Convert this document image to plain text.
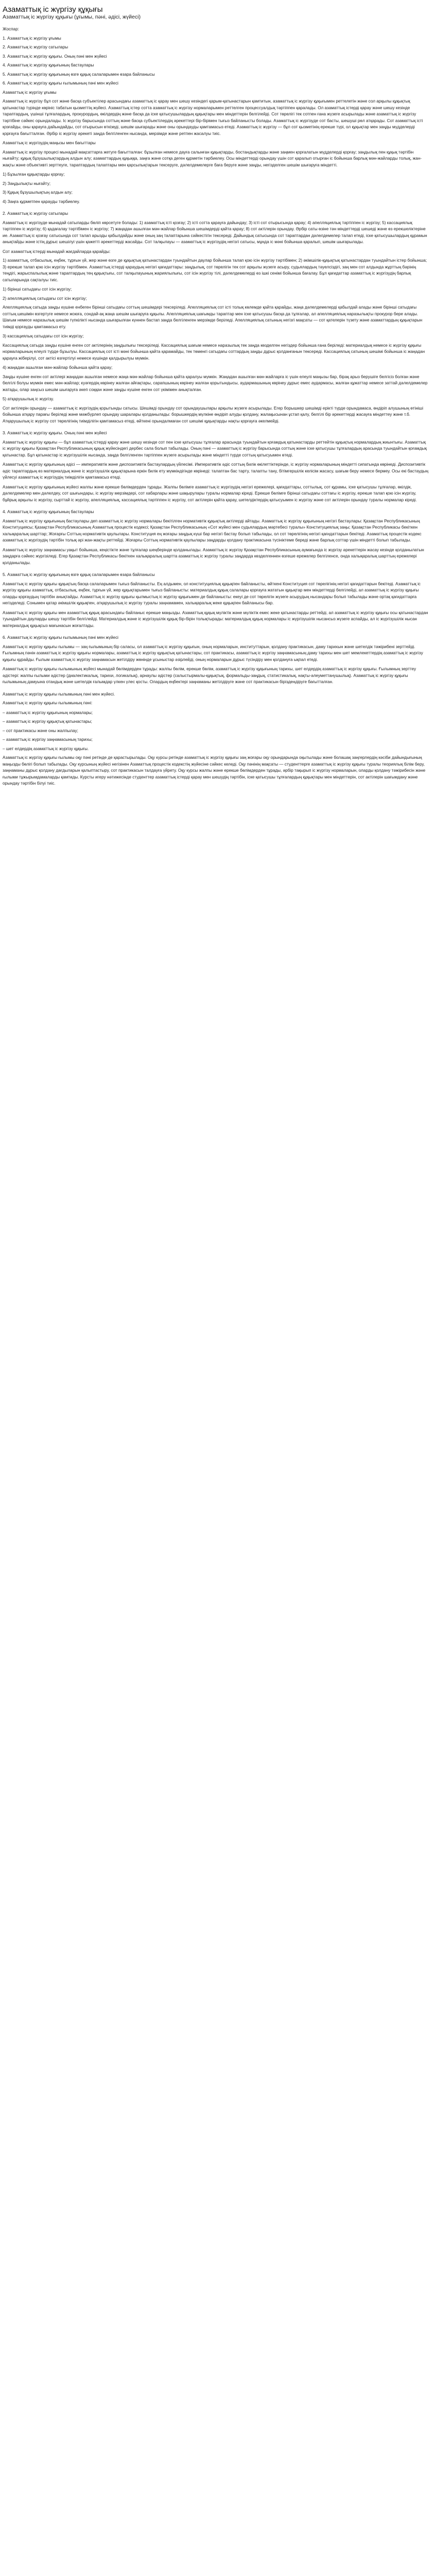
Азаматтық іс жүргізу құқығы
Азаматтық іс жүргізу құқығы (ұғымы, пәні, әдісі, жүйесі)

Жоспар:

1. Азаматтық іс жүргізу ұғымы

2. Азаматтық іс жүргізу сатылары

3. Азаматтық іс жүргізу құқығы. Оның пәні мен жүйесі

4. Азаматтық іс жүргізу құқығының бастаулары

5. Азаматтық іс жүргізу құқығының өзге құқық салаларымен өзара байланысы

6. Азаматтық іс жүргізу құқығы ғылымының пәні мен жүйесі

Азаматтық іс жүргізу ұғымы

Азаматтық іс жүргізу бұл сот және басқа субъектілер арасындағы азаматтық іс қарау мен шешу кезіндегі қарым-қатынастарын қамтитын, азаматтық іс жүргізу құқығымен реттелетін және сол арқылы құқықтық қатынастар түрінде көрініс табатын қызметтің жүйесі. Азаматтық істер сотта азаматтық іс жүргізу нормаларымен реттелген процессуалдық тәртіппен қаралады. Ол азаматтық істерді қарау және шешу кезінде тараптардың, үшінші тұлғалардың, прокурордың, өкілдердің және басқа да іске қатысушылардың құқықтары мен міндеттерін белгілейді. Сот төрелігі тек сотпен ғана жүзеге асырылады және азаматтық іс жүргізу тәртібіне сәйкес орындалады. Іс жүргізу барысында соттың және басқа субъектілердің әрекеттері бір-бірімен тығыз байланысты болады. Азаматтық іс жүргізуде сот басты, шешуші рөл атқарады. Сот азаматтық істі қозғайды, оны қарауға дайындайды, сот отырысын өткізеді, шешім шығарады және оны орындауды қамтамасыз етеді. Азаматтық іс жүргізу — бұл сот қызметінің ерекше түрі, ол құқықтар мен заңды мүдделерді қорғауға бағытталған. Әрбір іс жүргізу әрекеті заңда белгіленген нысанда, мерзімде және ретпен жасалуы тиіс.

Азаматтық іс жүргізудің маңызы мен бағыттары

Азаматтық іс жүргізу процесі мынадай мақсаттарға жетуге бағытталған: бұзылған немесе дауға салынған құқықтарды, бостандықтарды және заңмен қорғалатын мүдделерді қорғау; заңдылық пен құқық тәртібін нығайту; құқық бұзушылықтардың алдын алу; азаматтардың құқыққа, заңға және сотқа деген құрметін тәрбиелеу. Осы міндеттерді орындау үшін сот қаралып отырған іс бойынша барлық мән-жайларды толық, жан-жақты және объективті зерттеуге, тараптардың талаптары мен қарсылықтарын тексеруге, дәлелдемелерге баға беруге және заңды, негізделген шешім шығаруға міндетті.

1) Бұзылған құқықтарды қорғау;

2) Заңдылықты нығайту;

3) Құқық бұзушылықтың алдын алу;

4) Заңға құрметпен қарауды тәрбиелеу.

2. Азаматтық іс жүргізу сатылары

Азаматтық іс жүргізуде мынадай сатыларды бөліп көрсетуге болады: 1) азаматтық істі қозғау; 2) істі сотта қарауға дайындау; 3) істі сот отырысында қарау; 4) апелляциялық тәртіппен іс жүргізу; 5) кассациялық тәртіппен іс жүргізу; 6) қадағалау тәртібімен іс жүргізу; 7) жаңадан ашылған мән-жайлар бойынша шешімдерді қайта қарау; 8) сот актілерін орындау. Әрбір саты өзіне тән міндеттерді шешеді және өз ерекшеліктеріне ие. Азаматтық іс қозғау сатысында сот талап арызды қабылдайды және оның заң талаптарына сәйкестігін тексереді. Дайындық сатысында сот тараптардан дәлелдемелер талап етеді, іске қатысушылардың құрамын анықтайды және істің дұрыс шешілуі үшін қажетті әрекеттерді жасайды. Сот талқылауы — азаматтық іс жүргізудің негізгі сатысы, мұнда іс мәні бойынша қаралып, шешім шығарылады.

Сот азаматтық істерді мынадай жағдайларда қарайды:

1) азаматтық, отбасылық, еңбек, тұрғын үй, жер және өзге де құқықтық қатынастардан туындайтын даулар бойынша талап қою ісін жүргізу тәртібімен; 2) әкімшілік-құқықтық қатынастардан туындайтын істер бойынша; 3) ерекше талап қою ісін жүргізу тәртібімен. Азаматтық істерді қараудың негізгі қағидаттары: заңдылық, сот төрелігін тек сот арқылы жүзеге асыру, судьялардың тәуелсіздігі, заң мен сот алдында жұрттың бәрінің теңдігі, жарыспалылық және тараптардың тең құқықтығы, сот талқылауының жариялылығы, сот ісін жүргізу тілі, дәлелдемелерді өз ішкі сенімі бойынша бағалау. Бұл қағидаттар азаматтық іс жүргізудің барлық сатыларында сақталуы тиіс.

1) бірінші сатыдағы сот ісін жүргізу;

2) апелляциялық сатыдағы сот ісін жүргізу;

Апелляциялық сатыда заңды күшіне енбеген бірінші сатыдағы соттың шешімдері тексеріледі. Апелляциялық сот істі толық көлемде қайта қарайды, жаңа дәлелдемелерді қабылдай алады және бірінші сатыдағы соттың шешімін өзгертуге немесе жоюға, сондай-ақ жаңа шешім шығаруға құқылы. Апелляциялық шағымды тараптар мен іске қатысушы басқа да тұлғалар, ал апелляциялық наразылықты прокурор бере алады. Шағым немесе наразылық шешім түпкілікті нысанда шығарылған күннен бастап заңда белгіленген мерзімде беріледі. Апелляциялық сатының негізгі мақсаты — сот қателерін түзету және азаматтардың құқықтарын тиімді қорғауды қамтамасыз ету.

3) кассациялық сатыдағы сот ісін жүргізу;

Кассациялық сатыда заңды күшіне енген сот актілерінің заңдылығы тексеріледі. Кассациялық шағым немесе наразылық тек заңда көзделген негіздер бойынша ғана беріледі: материалдық немесе іс жүргізу құқығы нормаларының елеулі түрде бұзылуы. Кассациялық сот істі мәні бойынша қайта қарамайды, тек төменгі сатыдағы соттардың заңды дұрыс қолданғанын тексереді. Кассациялық сатының шешімі бойынша іс жаңадан қарауға жіберілуі, сот актісі өзгертілуі немесе күшінде қалдырылуы мүмкін.

4) жаңадан ашылған мән-жайлар бойынша қайта қарау;

Заңды күшіне енген сот актілері жаңадан ашылған немесе жаңа мән-жайлар бойынша қайта қаралуы мүмкін. Жаңадан ашылған мән-жайларға іс үшін елеулі маңызы бар, бірақ арыз берушіге белгісіз болған және белгілі болуы мүмкін емес мән-жайлар; куәгердің көрінеу жалған айғақтары, сарапшының көрінеу жалған қорытындысы, аудармашының көрінеу дұрыс емес аудармасы, жалған құжаттар немесе заттай дәлелдемелер жатады, олар заңсыз шешім шығаруға әкеп соққан және заңды күшіне енген сот үкімімен анықталған.

5) атқарушылық іс жүргізу.

Сот актілерін орындау — азаматтық іс жүргізудің қорытынды сатысы. Шешімді орындау сот орындаушылары арқылы жүзеге асырылады. Егер борышкер шешімді ерікті түрде орындамаса, өндіріп алушының өтініші бойынша атқару парағы беріледі және мәжбүрлеп орындау шаралары қолданылады: борышкердің мүлкіне өндіріп алуды қолдану, жалақысынан ұстап қалу, белгілі бір әрекеттерді жасауға міндеттеу және т.б. Атқарушылық іс жүргізу сот төрелігінің тиімділігін қамтамасыз етеді, өйткені орындалмаған сот шешімі құқықтарды нақты қорғауға әкелмейді.

3. Азаматтық іс жүргізу құқығы. Оның пәні мен жүйесі

Азаматтық іс жүргізу құқығы — бұл азаматтық істерді қарау және шешу кезінде сот пен іске қатысушы тұлғалар арасында туындайтын қоғамдық қатынастарды реттейтін құқықтық нормалардың жиынтығы. Азаматтық іс жүргізу құқығы Қазақстан Республикасының құқық жүйесіндегі дербес сала болып табылады. Оның пәні — азаматтық іс жүргізу барысында соттың және іске қатысушы тұлғалардың арасында туындайтын қоғамдық қатынастар. Бұл қатынастар іс жүргізушілік нысанда, заңда белгіленген тәртіппен жүзеге асырылады және міндетті түрде соттың қатысуымен өтеді.

Азаматтық іс жүргізу құқығының әдісі — императивтік және диспозитивтік бастаулардың үйлесімі. Императивтік әдіс соттың билік өкілеттіктерінде, іс жүргізу нормаларының міндетті сипатында көрінеді. Диспозитивтік әдіс тараптардың өз материалдық және іс жүргізушілік құқықтарына еркін билік ету мүмкіндігінде көрінеді: талаптан бас тарту, талапты тану, бітімгершілік келісім жасасу, шағым беру немесе бермеу. Осы екі бастаудың үйлесуі азаматтық іс жүргізудің тиімділігін қамтамасыз етеді.

Азаматтық іс жүргізу құқығының жүйесі жалпы және ерекше бөлімдерден тұрады. Жалпы бөлімге азаматтық іс жүргізудің негізгі ережелері, қағидаттары, соттылық, сот құрамы, іске қатысушы тұлғалар, өкілдік, дәлелдемелер мен дәлелдеу, сот шығындары, іс жүргізу мерзімдері, сот хабарлары және шақырулары туралы нормалар кіреді. Ерекше бөлімге бірінші сатыдағы соттағы іс жүргізу, ерекше талап қою ісін жүргізу, бұйрық арқылы іс жүргізу, сырттай іс жүргізу, апелляциялық, кассациялық тәртіппен іс жүргізу, сот актілерін қайта қарау, шетелдіктердің қатысуымен іс жүргізу және сот актілерін орындау туралы нормалар кіреді.

4. Азаматтық іс жүргізу құқығының бастаулары

Азаматтық іс жүргізу құқығының бастаулары деп азаматтық іс жүргізу нормалары бекітілген нормативтік құқықтық актілерді айтады. Азаматтық іс жүргізу құқығының негізгі бастаулары: Қазақстан Республикасының Конституциясы; Қазақстан Республикасының Азаматтық процестік кодексі; Қазақстан Республикасының «Сот жүйесі мен судьялардың мәртебесі туралы» Конституциялық заңы; Қазақстан Республикасы бекіткен халықаралық шарттар; Жоғарғы Соттың нормативтік қаулылары. Конституция ең жоғары заңдық күші бар негізгі бастау болып табылады, ол сот төрелігінің негізгі қағидаттарын бекітеді. Азаматтық процестік кодекс азаматтық іс жүргізудің тәртібін толық әрі жан-жақты реттейді. Жоғарғы Соттың нормативтік қаулылары заңдарды қолдану практикасына түсініктеме береді және барлық соттар үшін міндетті болып табылады.

Азаматтық іс жүргізу заңнамасы уақыт бойынша, кеңістікте және тұлғалар шеңберінде қолданылады. Азаматтық іс жүргізу Қазақстан Республикасының аумағында іс жүргізу әрекеттерін жасау кезінде қолданылатын заңдарға сәйкес жүргізіледі. Егер Қазақстан Республикасы бекіткен халықаралық шартта азаматтық іс жүргізу туралы заңдарда көзделгеннен өзгеше ережелер белгіленсе, онда халықаралық шарттың ережелері қолданылады.

5. Азаматтық іс жүргізу құқығының өзге құқық салаларымен өзара байланысы

Азаматтық іс жүргізу құқығы құқықтың басқа салаларымен тығыз байланысты. Ең алдымен, ол конституциялық құқықпен байланысты, өйткені Конституция сот төрелігінің негізгі қағидаттарын бекітеді. Азаматтық іс жүргізу құқығы азаматтық, отбасылық, еңбек, тұрғын үй, жер құқықтарымен тығыз байланысты: материалдық құқық салалары қорғауға жататын құқықтар мен міндеттерді белгілейді, ал азаматтық іс жүргізу құқығы оларды қорғаудың тәртібін анықтайды. Азаматтық іс жүргізу құқығы қылмыстық іс жүргізу құқығымен де байланысты: екеуі де сот төрелігін жүзеге асырудың нысандары болып табылады және ортақ қағидаттарға негізделеді. Сонымен қатар әкімшілік құқықпен, атқарушылық іс жүргізу туралы заңнамамен, халықаралық жеке құқықпен байланысы бар.

Азаматтық іс жүргізу құқығы мен азаматтық құқық арасындағы байланыс ерекше маңызды. Азаматтық құқық мүліктік және мүліктік емес жеке қатынастарды реттейді, ал азаматтық іс жүргізу құқығы осы қатынастардан туындайтын дауларды шешу тәртібін белгілейді. Материалдық және іс жүргізушілік құқық бір-бірін толықтырады: материалдық құқық нормалары іс жүргізушілік нысансыз жүзеге аспайды, ал іс жүргізушілік нысан материалдық құқықсыз мағынасын жоғалтады.

6. Азаматтық іс жүргізу құқығы ғылымының пәні мен жүйесі

Азаматтық іс жүргізу құқығы ғылымы — заң ғылымының бір саласы, ол азаматтық іс жүргізу құқығын, оның нормаларын, институттарын, қолдану практикасын, даму тарихын және шетелдік тәжірибені зерттейді. Ғылымның пәнін азаматтық іс жүргізу құқығы нормалары, азаматтық іс жүргізу құқықтық қатынастары, сот практикасы, азаматтық іс жүргізу заңнамасының даму тарихы мен шет мемлекеттердің азаматтық іс жүргізу құқығы құрайды. Ғылым азаматтық іс жүргізу заңнамасын жетілдіру жөнінде ұсыныстар әзірлейді, оның нормаларын дұрыс түсіндіру мен қолдануға ықпал етеді.

Азаматтық іс жүргізу құқығы ғылымының жүйесі мынадай бөлімдерден тұрады: жалпы бөлім, ерекше бөлім, азаматтық іс жүргізу құқығының тарихы, шет елдердің азаматтық іс жүргізу құқығы. Ғылымның зерттеу әдістері: жалпы ғылыми әдістер (диалектикалық, тарихи, логикалық), арнаулы әдістер (салыстырмалы-құқықтық, формальды-заңдық, статистикалық, нақты-әлеуметтанушылық). Азаматтық іс жүргізу құқығы ғылымының дамуына отандық және шетелдік ғалымдар үлкен үлес қосты. Олардың еңбектері заңнаманы жетілдіруге және сот практикасын біріздендіруге бағытталған.

Азаматтық іс жүргізу құқығы ғылымының пәні мен жүйесі.

Азаматтық іс жүргізу құқығы ғылымының пәні:

– азаматтық іс жүргізу құқығының нормалары;

– азаматтық іс жүргізу құқықтық қатынастары;

– сот практикасы және оны жалпылау;

– азаматтық іс жүргізу заңнамасының тарихы;

– шет елдердің азаматтық іс жүргізу құқығы.

Азаматтық іс жүргізу құқығы ғылымы оқу пәні ретінде де қарастырылады. Оқу курсы ретінде азаматтық іс жүргізу құқығы заң жоғары оқу орындарында оқытылады және болашақ заңгерлердің кәсіби дайындығының маңызды бөлігі болып табылады. Оқу курсының жүйесі негізінен Азаматтық процестік кодекстің жүйесіне сәйкес келеді. Оқу пәнінің мақсаты — студенттерге азаматтық іс жүргізу құқығы туралы теориялық білім беру, заңнаманы дұрыс қолдану дағдыларын қалыптастыру, сот практикасын талдауға үйрету. Оқу курсы жалпы және ерекше бөлімдерден тұрады, әрбір тақырып іс жүргізу нормаларын, оларды қолдану тәжірибесін және ғылыми тұжырымдамаларды қамтиды. Курсты игеру нәтижесінде студенттер азаматтық істерді қарау мен шешудің тәртібін, іске қатысушы тұлғалардың құқықтары мен міндеттерін, сот актілерін шағымдану және орындау тәртібін білуі тиіс.
